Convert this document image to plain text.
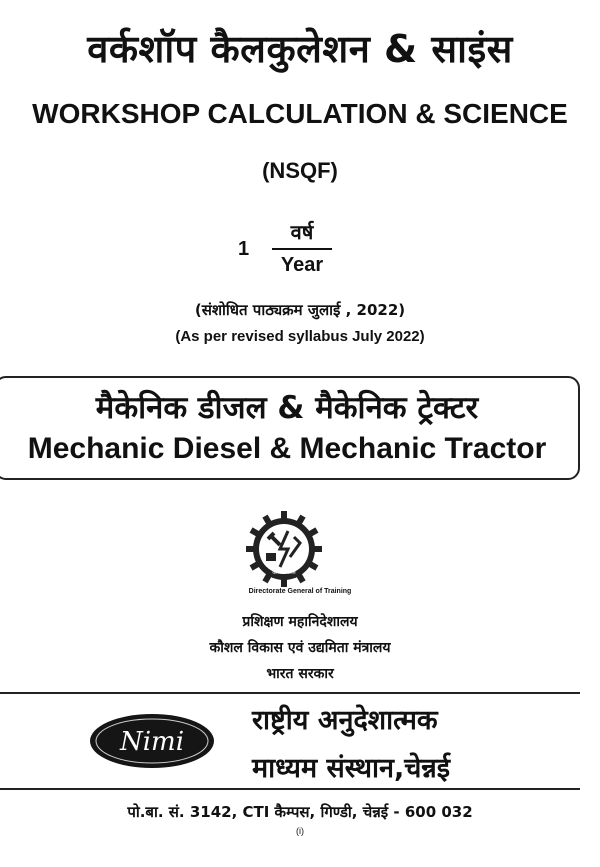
वर्कशॉप कैलकुलेशन & साइंस
WORKSHOP CALCULATION & SCIENCE
(NSQF)
1
वर्ष
Year
(संशोधित पाठ्यक्रम जुलाई , 2022)
(As per revised syllabus July 2022)
मैकेनिक डीजल & मैकेनिक ट्रेक्टर
Mechanic Diesel & Mechanic Tractor
कौशल भारत
Directorate General of Training
प्रशिक्षण महानिदेशालय
कौशल विकास एवं उद्यमिता मंत्रालय
भारत सरकार
Nimi
राष्ट्रीय अनुदेशात्मक
माध्यम संस्थान,चेन्नई
पो.बा. सं. 3142, CTI कैम्पस, गिण्डी, चेन्नई - 600 032
(i)
